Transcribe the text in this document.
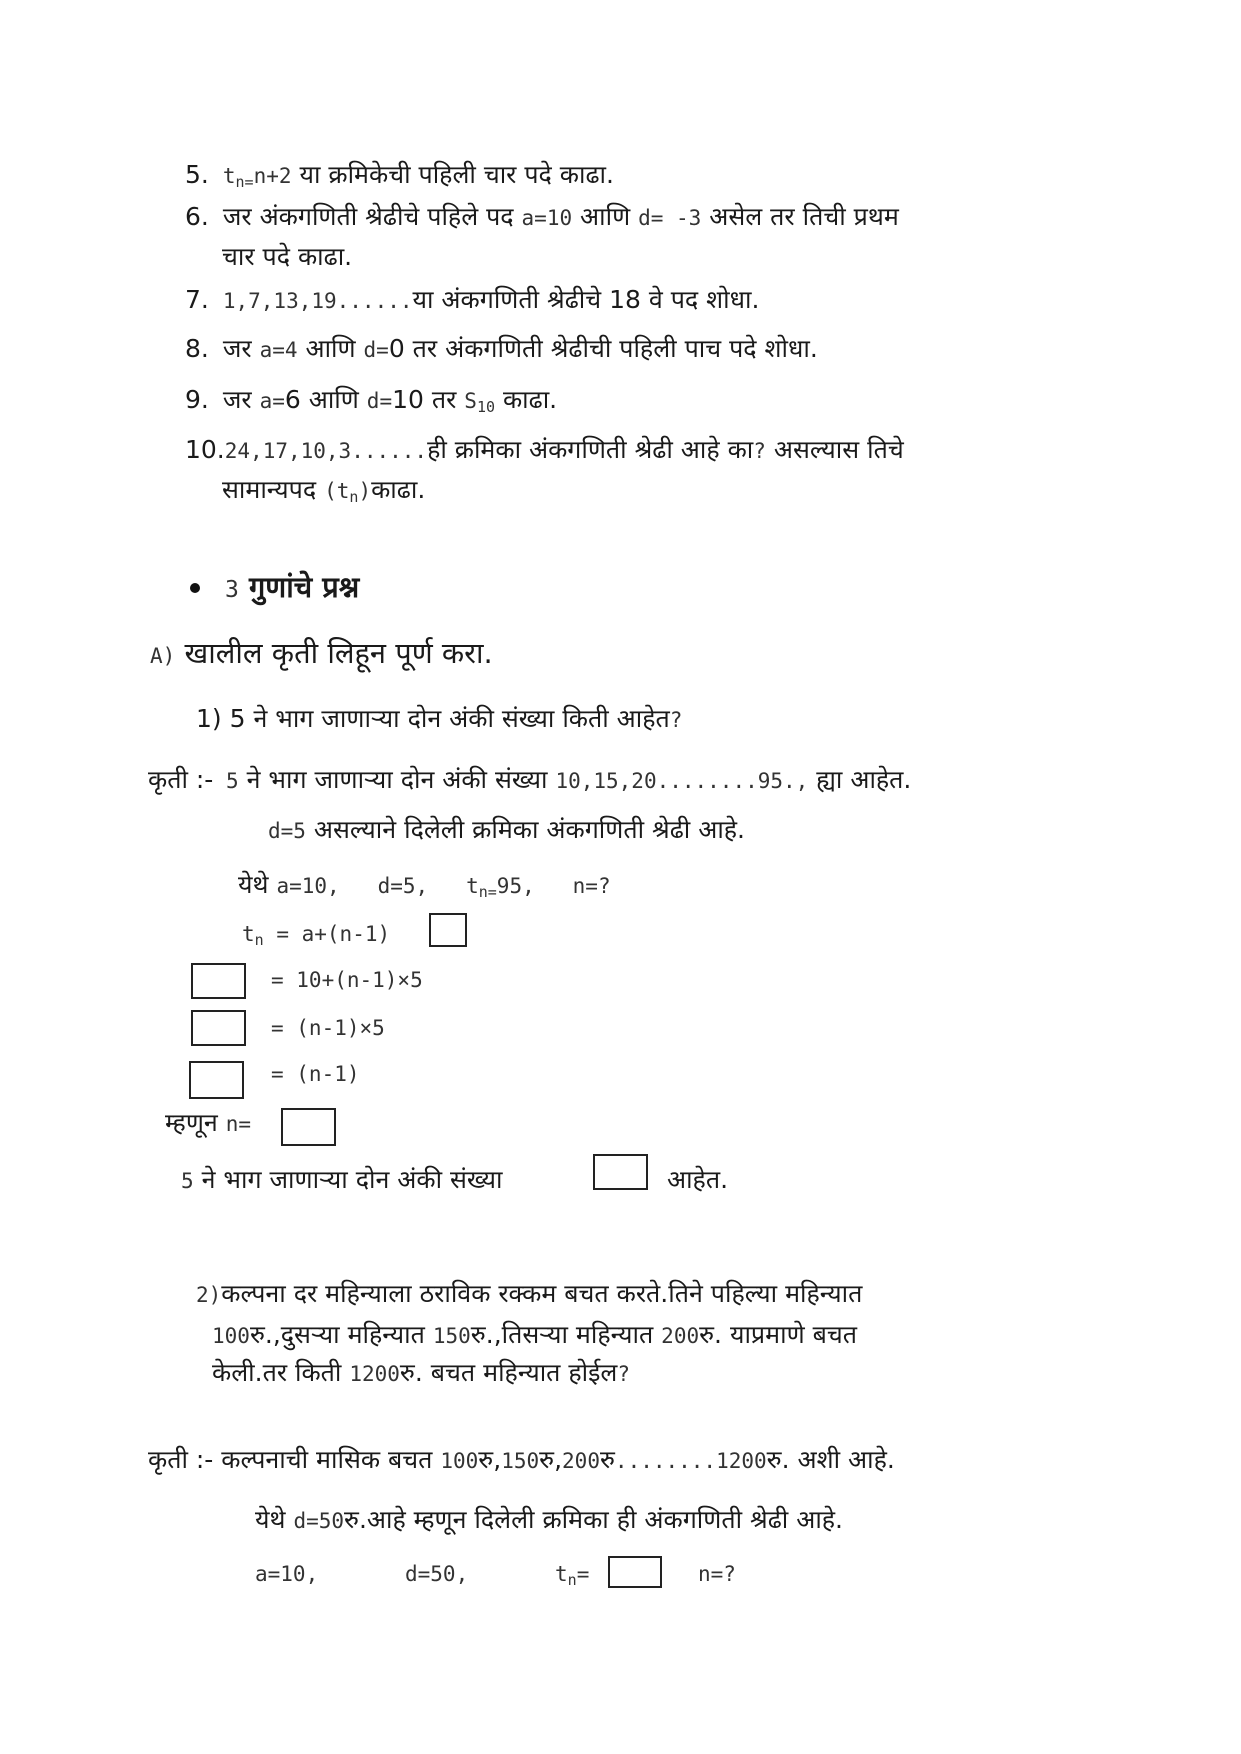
5. $t_{n=}n+2$ या क्रमिकेची पहिली चार पदे काढा.
6. जर अंकगणिती श्रेढीचे पहिले पद a=10 आणि d= -3 असेल तर तिची प्रथम
चार पदे काढा.
7. 1,7,13,19......या अंकगणिती श्रेढीचे 18 वे पद शोधा.
8. जर a=4 आणि d=0 तर अंकगणिती श्रेढीची पहिली पाच पदे शोधा.
9. जर a=6 आणि d=10 तर $S_{10}$ काढा.
10.24,17,10,3......ही क्रमिका अंकगणिती श्रेढी आहे का? असल्यास तिचे
सामान्यपद $(t_n)काढा$.
3 गुणांचे प्रश्न
A) खालील कृती लिहून पूर्ण करा.
1) 5 ने भाग जाणाऱ्या दोन अंकी संख्या किती आहेत?
कृती :- 5 ने भाग जाणाऱ्या दोन अंकी संख्या 10,15,20........95., ह्या आहेत.
d=5 असल्याने दिलेली क्रमिका अंकगणिती श्रेढी आहे.
येथे a=10,   d=5,   $t_{n=}95$,   n=?
$t_n = a+(n-1)$
= 10+(n-1)×5
= (n-1)×5
= (n-1)
म्हणून n=
5 ने भाग जाणाऱ्या दोन अंकी संख्या	आहेत.
2)कल्पना दर महिन्याला ठराविक रक्कम बचत करते.तिने पहिल्या महिन्यात
100रु.,दुसऱ्या महिन्यात 150रु.,तिसऱ्या महिन्यात 200रु. याप्रमाणे बचत
केली.तर किती 1200रु. बचत महिन्यात होईल?
कृती :- कल्पनाची मासिक बचत 100रु,150रु,200रु........1200रु. अशी आहे.
येथे d=50रु.आहे म्हणून दिलेली क्रमिका ही अंकगणिती श्रेढी आहे.
a=10,	d=50,	$t_n=$	n=?
